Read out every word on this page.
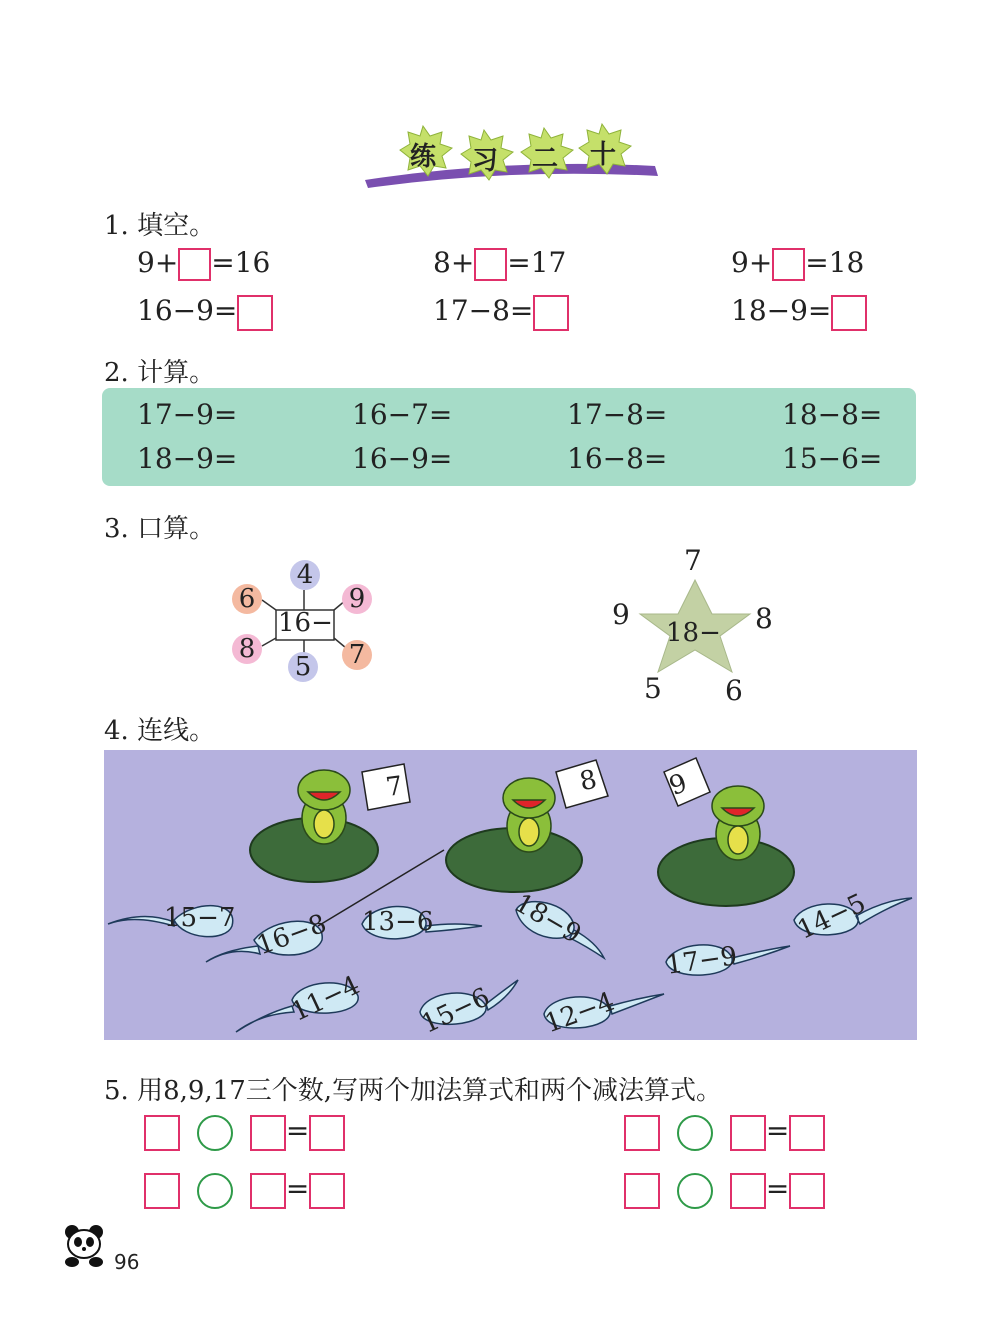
练 习 二 十
1. 填空。
9+ =16	8+ =17	9+ =18
16−9=	17−8=	18−9=
2. 计算。
17−9=	16−7=	17−8=	18−8=
18−9=	16−9=	16−8=	15−6=
3. 口算。
4
6	9
8	7
5
16−
7
9	8
5 6
18−
4. 连线。
7	8	9
15−7 16−8 13−6	18−9	14−5
17−9
11−4 15−6 12−4
5. 用8,9,17三个数,写两个加法算式和两个减法算式。
=	=
=	=
96
